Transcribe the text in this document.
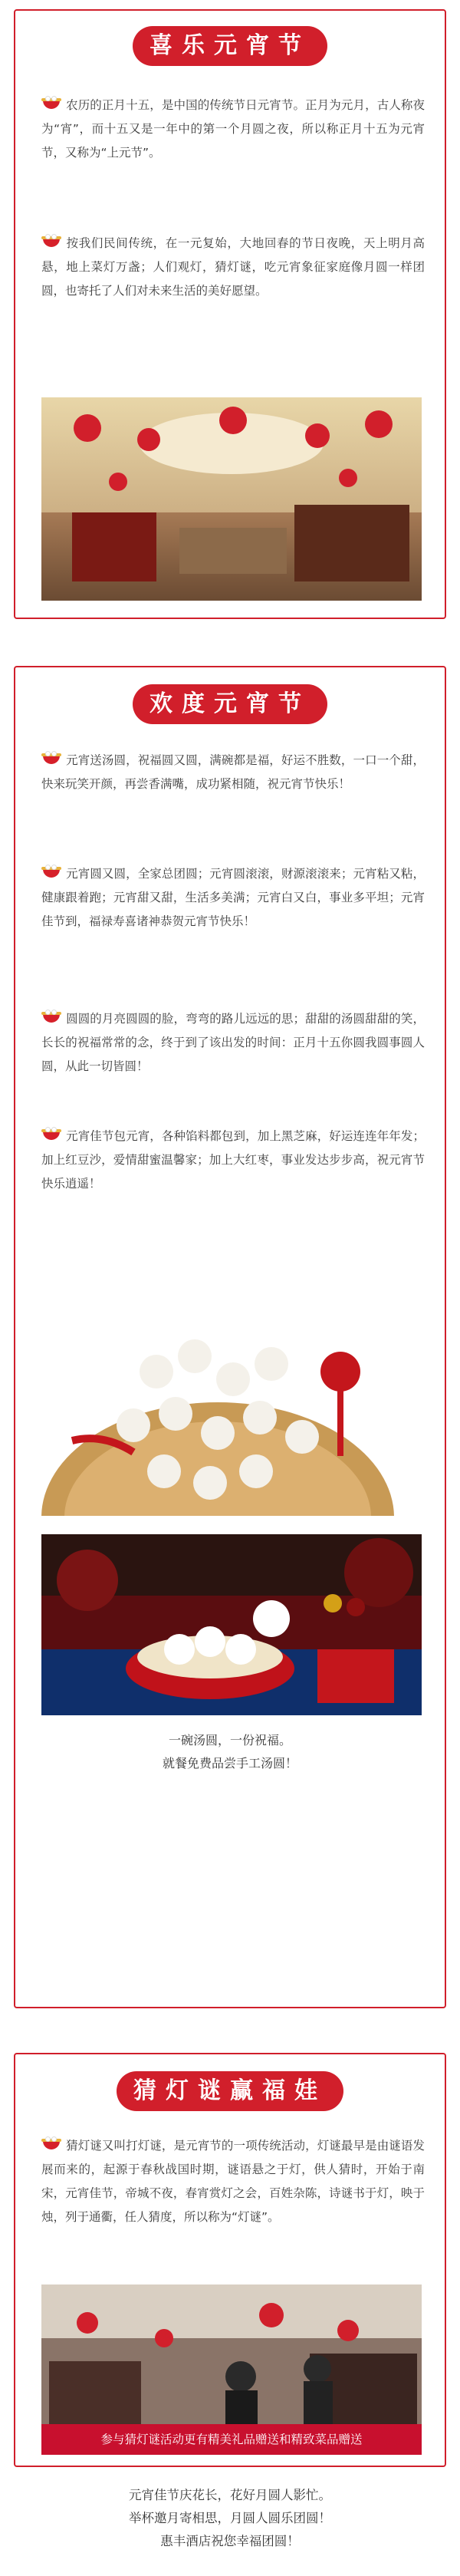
喜乐元宵节
农历的正月十五，是中国的传统节日元宵节。正月为元月，古人称夜为“宵”，而十五又是一年中的第一个月圆之夜，所以称正月十五为元宵节，又称为“上元节”。
按我们民间传统，在一元复始，大地回春的节日夜晚，天上明月高悬，地上菜灯万盏；人们观灯，猜灯谜，吃元宵象征家庭像月圆一样团圆，也寄托了人们对未来生活的美好愿望。
欢度元宵节
元宵送汤圆，祝福圆又圆，满碗都是福，好运不胜数，一口一个甜，快来玩笑开颜，再尝香满嘴，成功紧相随，祝元宵节快乐！
元宵圆又圆，全家总团圆；元宵圆滚滚，财源滚滚来；元宵粘又粘，健康跟着跑；元宵甜又甜，生活多美满；元宵白又白，事业多平坦；元宵佳节到，福禄寿喜诸神恭贺元宵节快乐！
圆圆的月亮圆圆的脸，弯弯的路儿远远的思；甜甜的汤圆甜甜的笑，长长的祝福常常的念，终于到了该出发的时间：正月十五你圆我圆事圆人圆，从此一切皆圆！
元宵佳节包元宵，各种馅料都包到，加上黑芝麻，好运连连年年发；加上红豆沙，爱情甜蜜温馨家；加上大红枣，事业发达步步高，祝元宵节快乐逍遥！
一碗汤圆，一份祝福。
就餐免费品尝手工汤圆！
猜灯谜赢福娃
猜灯谜又叫打灯谜，是元宵节的一项传统活动，灯谜最早是由谜语发展而来的，起源于春秋战国时期，谜语悬之于灯，供人猜时，开始于南宋，元宵佳节，帝城不夜，春宵赏灯之会，百姓杂陈，诗谜书于灯，映于烛，列于通衢，任人猜度，所以称为“灯谜”。
参与猜灯谜活动更有精美礼品赠送和精致菜品赠送
元宵佳节庆花长，花好月圆人影忙。
举杯邀月寄相思，月圆人圆乐团圆！
惠丰酒店祝您幸福团圆！
